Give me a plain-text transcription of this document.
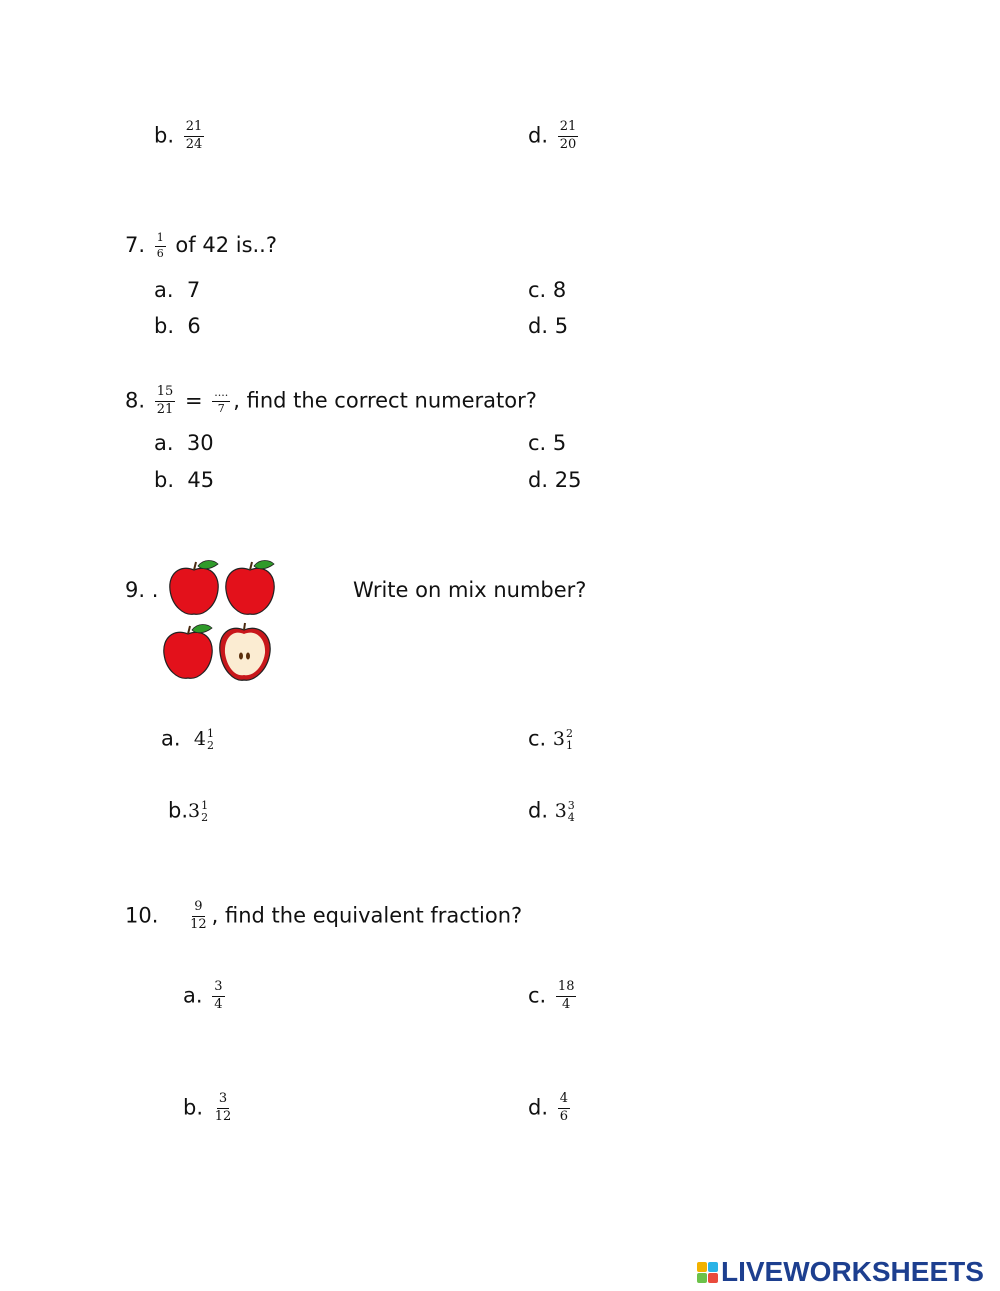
b. $\frac{21}{24}$	d. $\frac{21}{20}$
7. $\frac{1}{6}$ of 42 is..?
a. 7
b. 6
c. 8
d. 5
8. $\frac{15}{21} = \frac{....}{7}$ , find the correct numerator?
a. 30
b. 45
c. 5
d. 25
9. .	Write on mix number?
a. 4 1
2
b.3 1
2
c. 3 2
1
d. 3 3
4
10. $\frac{9}{12}$ , find the equivalent fraction?
a. $\frac{3}{4}$
b. $\frac{3}{12}$
c. $\frac{18}{4}$
d. $\frac{4}{6}$
LIVEWORKSHEETS
